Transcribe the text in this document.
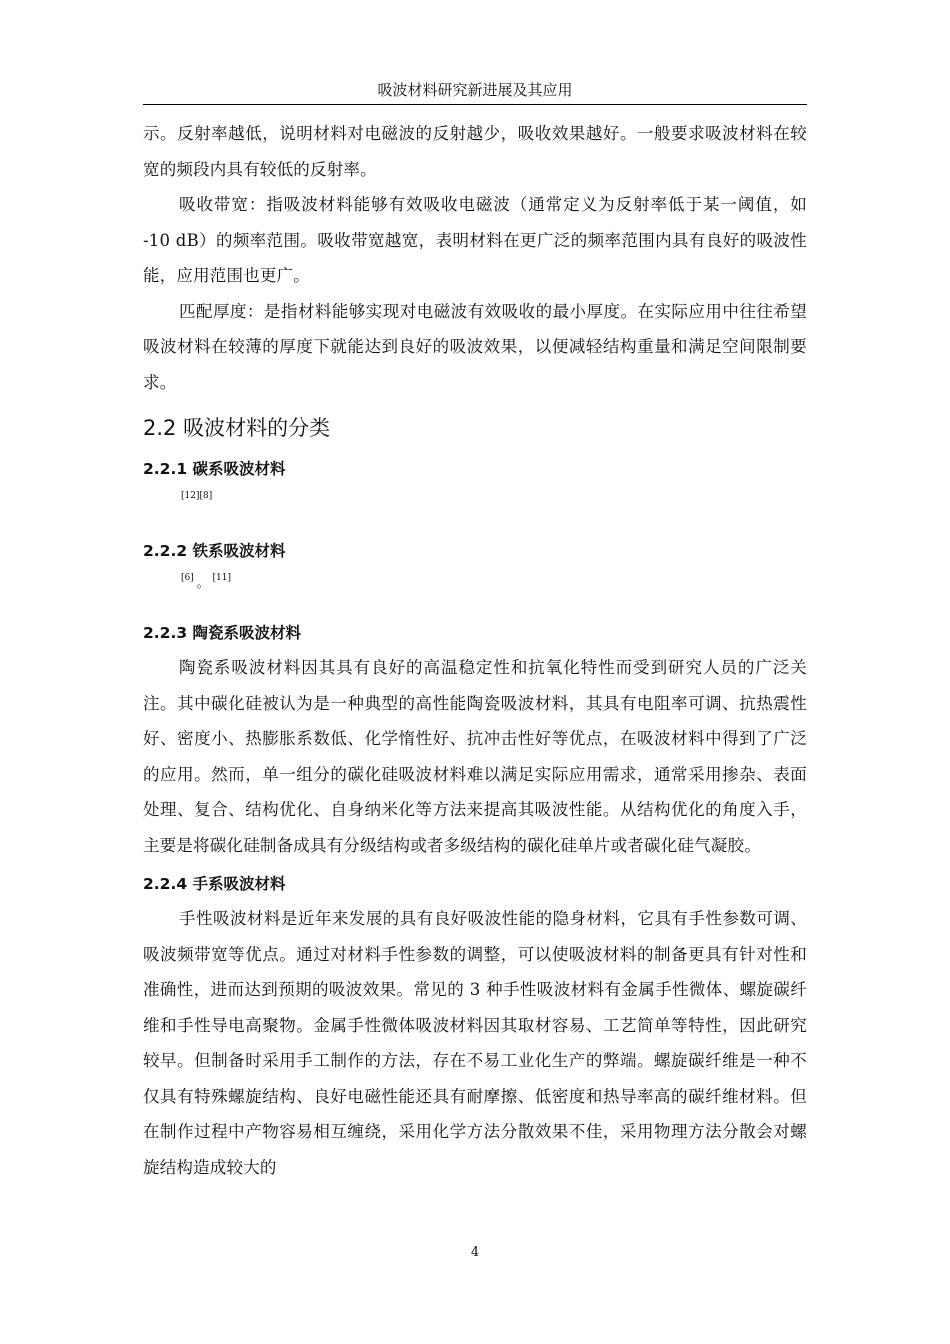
吸波材料研究新进展及其应用

示。反射率越低，说明材料对电磁波的反射越少，吸收效果越好。一般要求吸波材料在较宽的频段内具有较低的反射率。

吸收带宽：指吸波材料能够有效吸收电磁波（通常定义为反射率低于某一阈值，如 -10 dB）的频率范围。吸收带宽越宽，表明材料在更广泛的频率范围内具有良好的吸波性能，应用范围也更广。

匹配厚度：是指材料能够实现对电磁波有效吸收的最小厚度。在实际应用中往往希望吸波材料在较薄的厚度下就能达到良好的吸波效果，以便减轻结构重量和满足空间限制要求。

2.2 吸波材料的分类
2.2.1 碳系吸波材料
[12][8]
2.2.2 铁系吸波材料
[6] 。 [11]
2.2.3 陶瓷系吸波材料

陶瓷系吸波材料因其具有良好的高温稳定性和抗氧化特性而受到研究人员的广泛关注。其中碳化硅被认为是一种典型的高性能陶瓷吸波材料，其具有电阻率可调、抗热震性好、密度小、热膨胀系数低、化学惰性好、抗冲击性好等优点，在吸波材料中得到了广泛的应用。然而，单一组分的碳化硅吸波材料难以满足实际应用需求，通常采用掺杂、表面处理、复合、结构优化、自身纳米化等方法来提高其吸波性能。从结构优化的角度入手，主要是将碳化硅制备成具有分级结构或者多级结构的碳化硅单片或者碳化硅气凝胶。

2.2.4 手系吸波材料

手性吸波材料是近年来发展的具有良好吸波性能的隐身材料，它具有手性参数可调、吸波频带宽等优点。通过对材料手性参数的调整，可以使吸波材料的制备更具有针对性和准确性，进而达到预期的吸波效果。常见的 3 种手性吸波材料有金属手性微体、螺旋碳纤维和手性导电高聚物。金属手性微体吸波材料因其取材容易、工艺简单等特性，因此研究较早。但制备时采用手工制作的方法，存在不易工业化生产的弊端。螺旋碳纤维是一种不仅具有特殊螺旋结构、良好电磁性能还具有耐摩擦、低密度和热导率高的碳纤维材料。但在制作过程中产物容易相互缠绕，采用化学方法分散效果不佳，采用物理方法分散会对螺旋结构造成较大的

4
